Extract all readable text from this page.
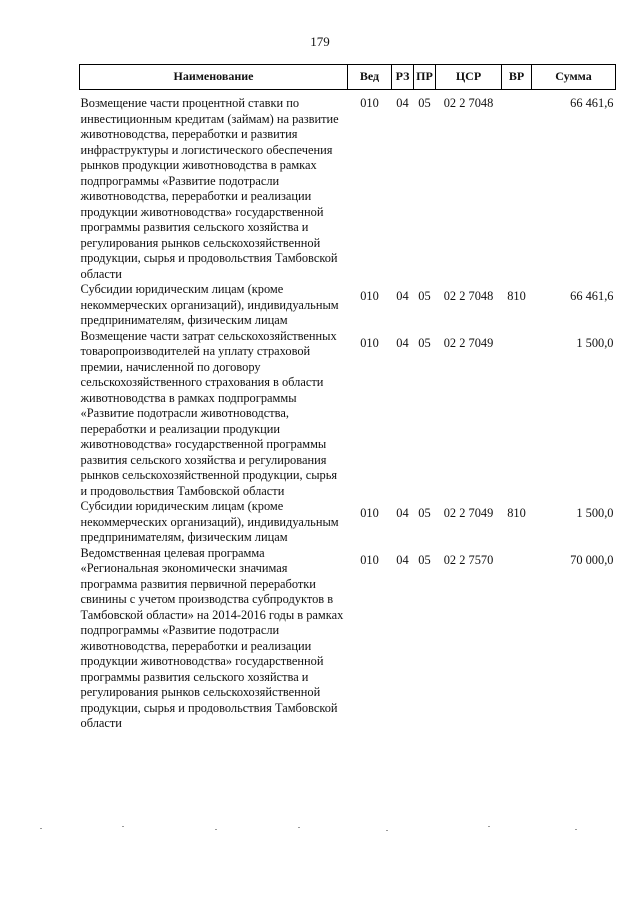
179
Наименование	Вед	РЗ	ПР	ЦСР	ВР	Сумма
Возмещение части процентной ставки по инвестиционным кредитам (займам) на развитие животноводства, переработки и развития инфраструктуры и логистического обеспечения рынков продукции животноводства в рамках подпрограммы «Развитие подотрасли животноводства, переработки и реализации продукции животноводства» государственной программы развития сельского хозяйства и регулирования рынков сельскохозяйственной продукции, сырья и продовольствия Тамбовской области	010	04	05	02 2 7048		66 461,6
Субсидии юридическим лицам (кроме некоммерческих организаций), индивидуальным предпринимателям, физическим лицам	010	04	05	02 2 7048	810	66 461,6
Возмещение части затрат сельскохозяйственных товаропроизводителей на уплату страховой премии, начисленной по договору сельскохозяйственного страхования в области животноводства в рамках подпрограммы «Развитие подотрасли животноводства, переработки и реализации продукции животноводства» государственной программы развития сельского хозяйства и регулирования рынков сельскохозяйственной продукции, сырья и продовольствия Тамбовской области	010	04	05	02 2 7049		1 500,0
Субсидии юридическим лицам (кроме некоммерческих организаций), индивидуальным предпринимателям, физическим лицам	010	04	05	02 2 7049	810	1 500,0
Ведомственная целевая программа «Региональная экономически значимая программа развития первичной переработки свинины с учетом производства субпродуктов в Тамбовской области» на 2014-2016 годы в рамках подпрограммы «Развитие подотрасли животноводства, переработки и реализации продукции животноводства» государственной программы развития сельского хозяйства и регулирования рынков сельскохозяйственной продукции, сырья и продовольствия Тамбовской области	010	04	05	02 2 7570		70 000,0
